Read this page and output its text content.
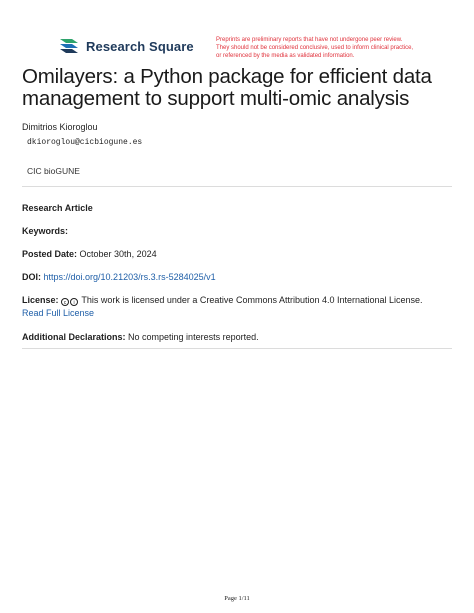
Research Square	Preprints are preliminary reports that have not undergone peer review.
They should not be considered conclusive, used to inform clinical practice,
or referenced by the media as validated information.
Omilayers: a Python package for efficient data management to support multi-omic analysis
Dimitrios Kioroglou
dkioroglou@cicbiogune.es
CIC bioGUNE
Research Article
Keywords:
Posted Date: October 30th, 2024
DOI: https://doi.org/10.21203/rs.3.rs-5284025/v1
License: c i This work is licensed under a Creative Commons Attribution 4.0 International License.
Read Full License
Additional Declarations: No competing interests reported.
Page 1/11
